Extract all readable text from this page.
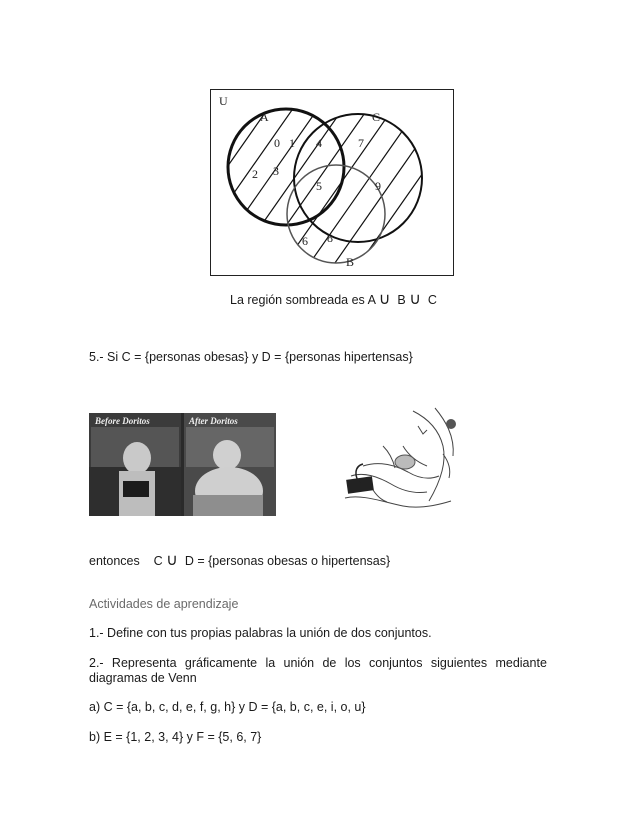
U
A	C
B
0 1 4	7
2 3
5	9
6 8
La región sombreada es A ∪ B ∪ C
5.- Si C = {personas obesas} y D = {personas hipertensas}
Before Doritos	After Doritos
entonces C ∪ D = {personas obesas o hipertensas}
Actividades de aprendizaje
1.- Define con tus propias palabras la unión de dos conjuntos.
2.- Representa gráficamente la unión de los conjuntos siguientes mediante
diagramas de Venn
a) C = {a, b, c, d, e, f, g, h} y D = {a, b, c, e, i, o, u}
b) E = {1, 2, 3, 4} y F = {5, 6, 7}
